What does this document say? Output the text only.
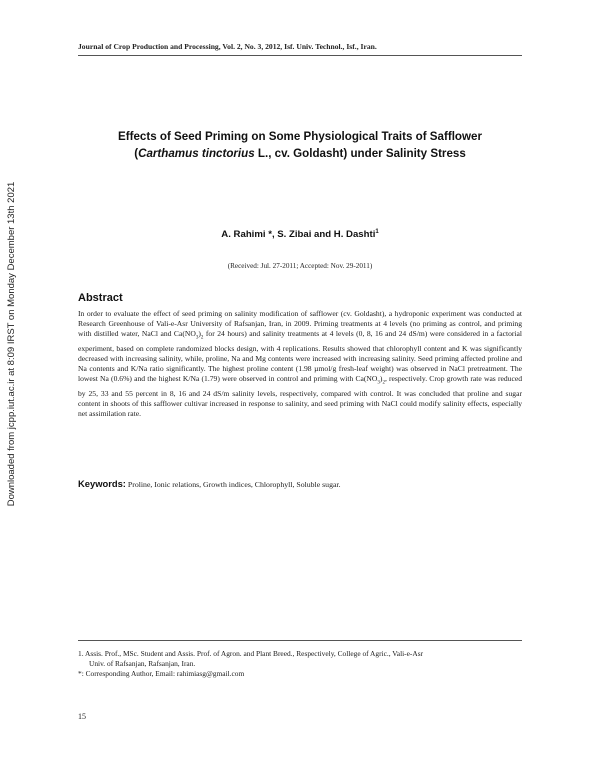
Downloaded from jcpp.iut.ac.ir at 8:09 IRST on Monday December 13th 2021
Journal of Crop Production and Processing, Vol. 2, No. 3, 2012, Isf. Univ. Technol., Isf., Iran.
Effects of Seed Priming on Some Physiological Traits of Safflower
(Carthamus tinctorius L., cv. Goldasht) under Salinity Stress
A. Rahimi *, S. Zibai and H. Dashti$^1$
(Received: Jul. 27-2011; Accepted: Nov. 29-2011)
Abstract
In order to evaluate the effect of seed priming on salinity modification of safflower (cv. Goldasht), a hydroponic experiment was conducted at Research Greenhouse of Vali-e-Asr University of Rafsanjan, Iran, in 2009. Priming treatments at 4 levels (no priming as control, and priming with distilled water, NaCl and $Ca(NO_3)_2$ for 24 hours) and salinity treatments at 4 levels (0, 8, 16 and 24 dS/m) were considered in a factorial experiment, based on complete randomized blocks design, with 4 replications. Results showed that chlorophyll content and K was significantly decreased with increasing salinity, while, proline, Na and Mg contents were increased with increasing salinity. Seed priming affected proline and Na contents and K/Na ratio significantly. The highest proline content (1.98 µmol/g fresh-leaf weight) was observed in NaCl pretreatment. The lowest Na (0.6%) and the highest K/Na (1.79) were observed in control and priming with $Ca(NO_3)_2$, respectively. Crop growth rate was reduced by 25, 33 and 55 percent in 8, 16 and 24 dS/m salinity levels, respectively, compared with control. It was concluded that proline and sugar content in shoots of this safflower cultivar increased in response to salinity, and seed priming with NaCl could modify salinity effects, especially net assimilation rate.
Keywords: Proline, Ionic relations, Growth indices, Chlorophyll, Soluble sugar.
1. Assis. Prof., MSc. Student and Assis. Prof. of Agron. and Plant Breed., Respectively, College of Agric., Vali-e-Asr
Univ. of Rafsanjan, Rafsanjan, Iran.
*: Corresponding Author, Email: rahimiasg@gmail.com
15
